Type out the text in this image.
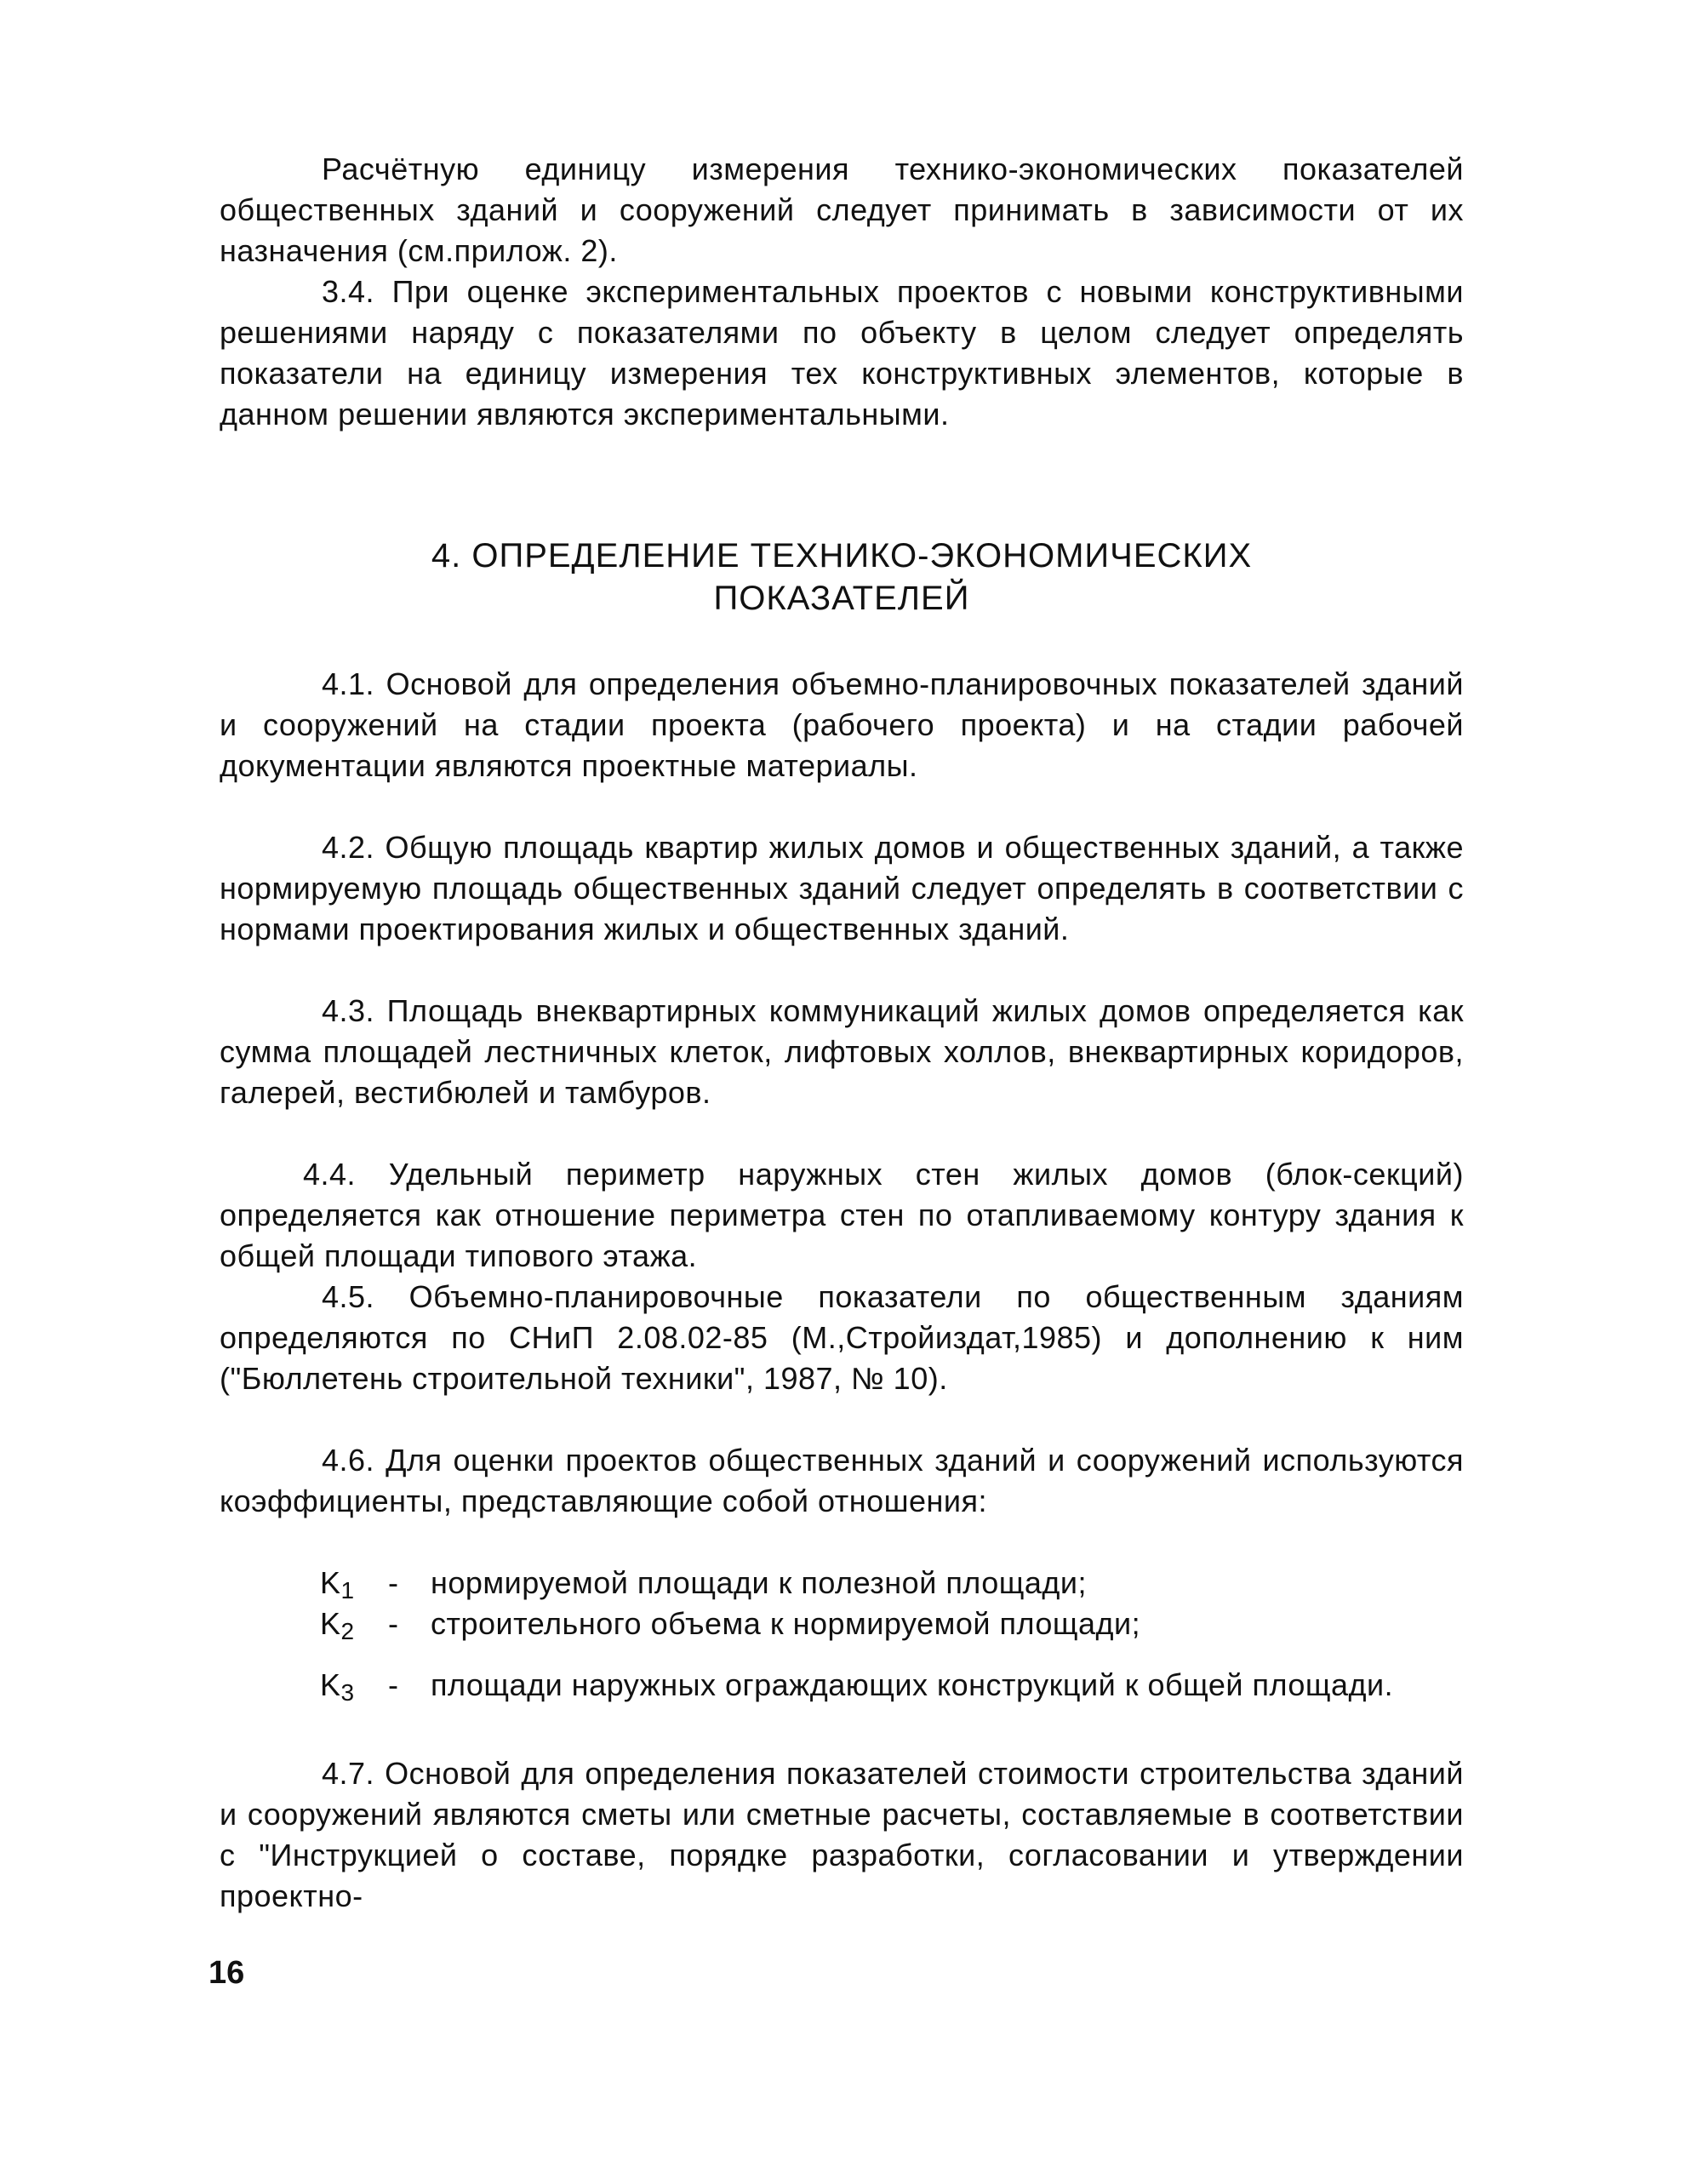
Расчётную единицу измерения технико-экономических показателей общественных зданий и сооружений следует принимать в зависимости от их назначения (см.прилож. 2).

3.4. При оценке экспериментальных проектов с новыми конструктивными решениями наряду с показателями по объекту в целом следует определять показатели на единицу измерения тех конструктивных элементов, которые в данном решении являются экспериментальными.

4. ОПРЕДЕЛЕНИЕ ТЕХНИКО-ЭКОНОМИЧЕСКИХ
ПОКАЗАТЕЛЕЙ

4.1. Основой для определения объемно-планировочных показателей зданий и сооружений на стадии проекта (рабочего проекта) и на стадии рабочей документации являются проектные материалы.

4.2. Общую площадь квартир жилых домов и общественных зданий, а также нормируемую площадь общественных зданий следует определять в соответствии с нормами проектирования жилых и общественных зданий.

4.3. Площадь внеквартирных коммуникаций жилых домов определяется как сумма площадей лестничных клеток, лифтовых холлов, внеквартирных коридоров, галерей, вестибюлей и тамбуров.

4.4. Удельный периметр наружных стен жилых домов (блок-секций) определяется как отношение периметра стен по отапливаемому контуру здания к общей площади типового этажа.

4.5. Объемно-планировочные показатели по общественным зданиям определяются по СНиП 2.08.02-85 (М.,Стройиздат,1985) и дополнению к ним ("Бюллетень строительной техники", 1987, № 10).

4.6. Для оценки проектов общественных зданий и сооружений используются коэффициенты, представляющие собой отношения:

$K_1$	- нормируемой площади к полезной площади;
$K_2$	- строительного объема к нормируемой площади;
$K_3$	- площади наружных ограждающих конструкций к общей площади.

4.7. Основой для определения показателей стоимости строительства зданий и сооружений являются сметы или сметные расчеты, составляемые в соответствии с "Инструкцией о составе, порядке разработки, согласовании и утверждении проектно-

16
